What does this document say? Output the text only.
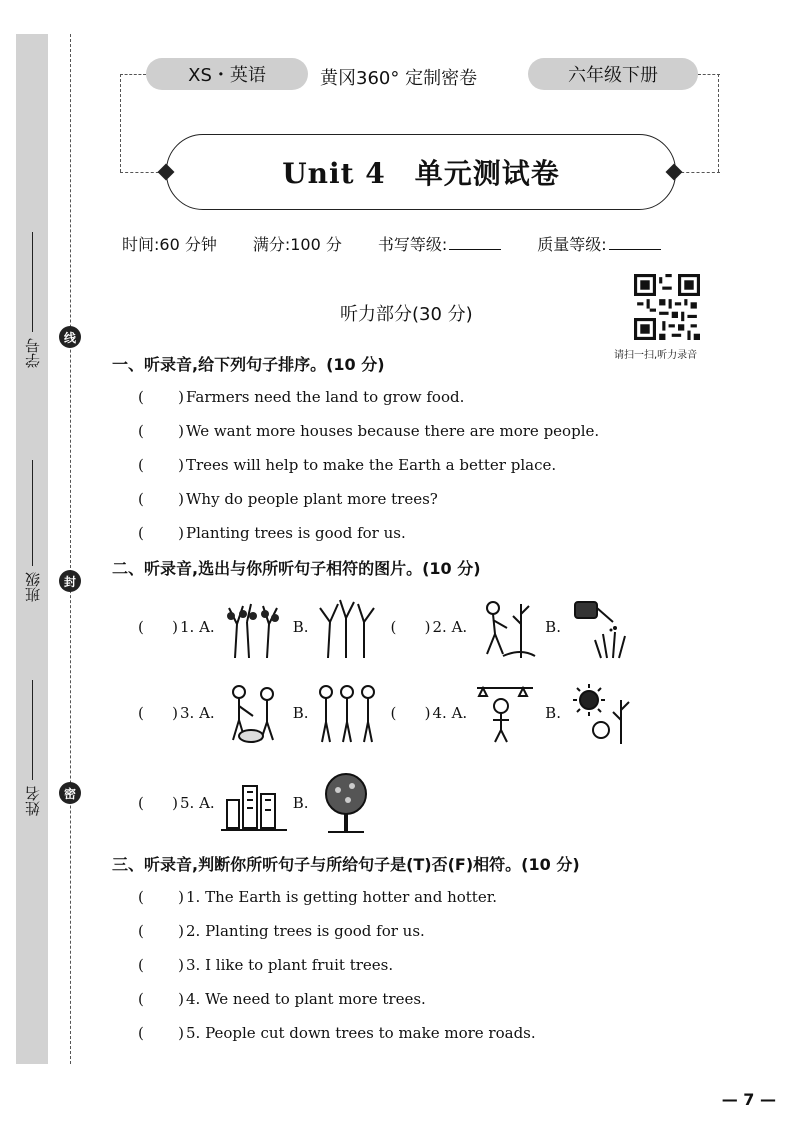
线
封
密
学号
班级
姓名
XS・英语	黄冈360° 定制密卷	六年级下册
Unit 4　单元测试卷
时间:60 分钟 满分:100 分 书写等级:	质量等级:
请扫一扫,听力录音
听力部分(30 分)
一、听录音,给下列句子排序。(10 分)
( )
Farmers need the land to grow food.
( )
We want more houses because there are more people.
( )
Trees will help to make the Earth a better place.
( )
Why do people plant more trees?
( )
Planting trees is good for us.
二、听录音,选出与你所听句子相符的图片。(10 分)
( )
1. A.	B. ( )	2. A.	B.
( )
3. A.	B. ( )	4. A.	B.
( )
5. A.	B.
三、听录音,判断你所听句子与所给句子是(T)否(F)相符。(10 分)
( )
1. The Earth is getting hotter and hotter.
( )
2. Planting trees is good for us.
( )
3. I like to plant fruit trees.
( )
4. We need to plant more trees.
( )
5. People cut down trees to make more roads.
— 7 —
